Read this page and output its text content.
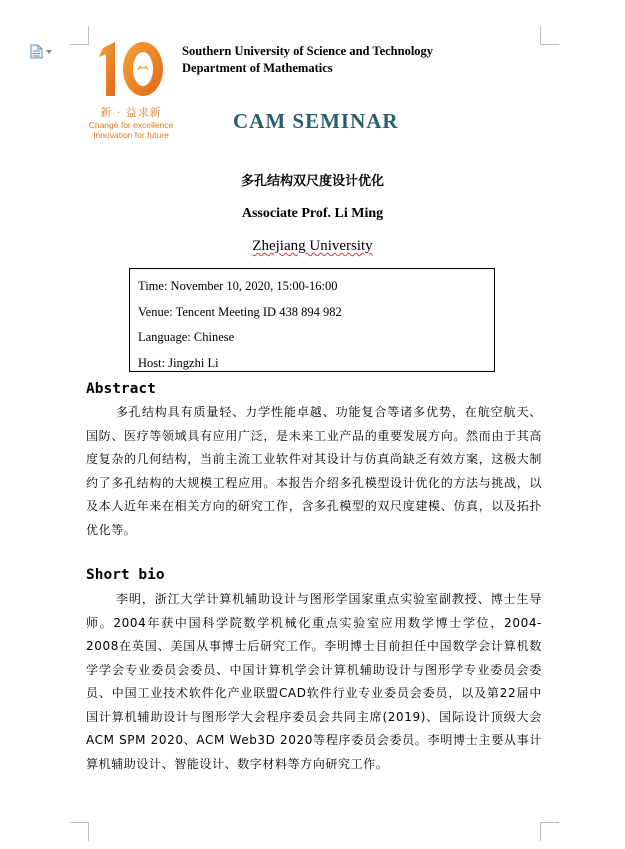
新 · 益求新
Change for excellence
Innovation for future
Southern University of Science and Technology
Department of Mathematics
CAM SEMINAR
多孔结构双尺度设计优化
Associate Prof. Li Ming
Zhejiang University
Time: November 10, 2020, 15:00-16:00
Venue: Tencent Meeting ID 438 894 982
Language: Chinese
Host: Jingzhi Li
Abstract

多孔结构具有质量轻、力学性能卓越、功能复合等诸多优势，在航空航天、国防、医疗等领域具有应用广泛，是未来工业产品的重要发展方向。然而由于其高度复杂的几何结构，当前主流工业软件对其设计与仿真尚缺乏有效方案，这极大制约了多孔结构的大规模工程应用。本报告介绍多孔模型设计优化的方法与挑战，以及本人近年来在相关方向的研究工作，含多孔模型的双尺度建模、仿真，以及拓扑优化等。

Short bio

李明，浙江大学计算机辅助设计与图形学国家重点实验室副教授、博士生导师。2004年获中国科学院数学机械化重点实验室应用数学博士学位，2004-2008在英国、美国从事博士后研究工作。李明博士目前担任中国数学会计算机数学学会专业委员会委员、中国计算机学会计算机辅助设计与图形学专业委员会委员、中国工业技术软件化产业联盟CAD软件行业专业委员会委员，以及第22届中国计算机辅助设计与图形学大会程序委员会共同主席(2019)、国际设计顶级大会ACM SPM 2020、ACM Web3D 2020等程序委员会委员。李明博士主要从事计算机辅助设计、智能设计、数字材料等方向研究工作。
